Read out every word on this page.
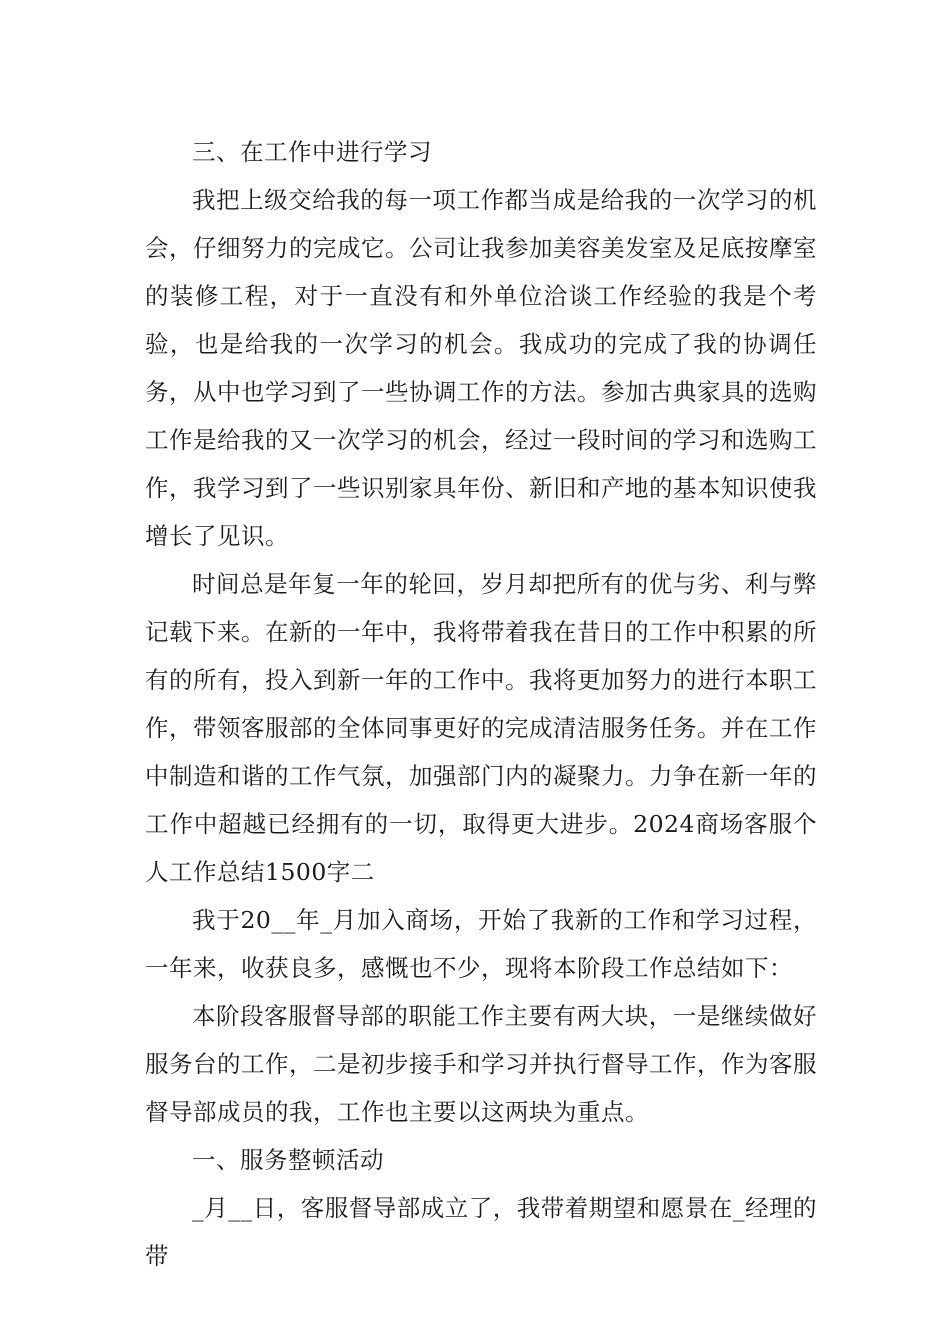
三、在工作中进行学习

我把上级交给我的每一项工作都当成是给我的一次学习的机会，仔细努力的完成它。公司让我参加美容美发室及足底按摩室的装修工程，对于一直没有和外单位洽谈工作经验的我是个考验，也是给我的一次学习的机会。我成功的完成了我的协调任务，从中也学习到了一些协调工作的方法。参加古典家具的选购工作是给我的又一次学习的机会，经过一段时间的学习和选购工作，我学习到了一些识别家具年份、新旧和产地的基本知识使我增长了见识。

时间总是年复一年的轮回，岁月却把所有的优与劣、利与弊记载下来。在新的一年中，我将带着我在昔日的工作中积累的所有的所有，投入到新一年的工作中。我将更加努力的进行本职工作，带领客服部的全体同事更好的完成清洁服务任务。并在工作中制造和谐的工作气氛，加强部门内的凝聚力。力争在新一年的工作中超越已经拥有的一切，取得更大进步。2024商场客服个人工作总结1500字二

我于20__年_月加入商场，开始了我新的工作和学习过程，一年来，收获良多，感慨也不少，现将本阶段工作总结如下：

本阶段客服督导部的职能工作主要有两大块，一是继续做好服务台的工作，二是初步接手和学习并执行督导工作，作为客服督导部成员的我，工作也主要以这两块为重点。

一、服务整顿活动

_月__日，客服督导部成立了，我带着期望和愿景在_经理的带
